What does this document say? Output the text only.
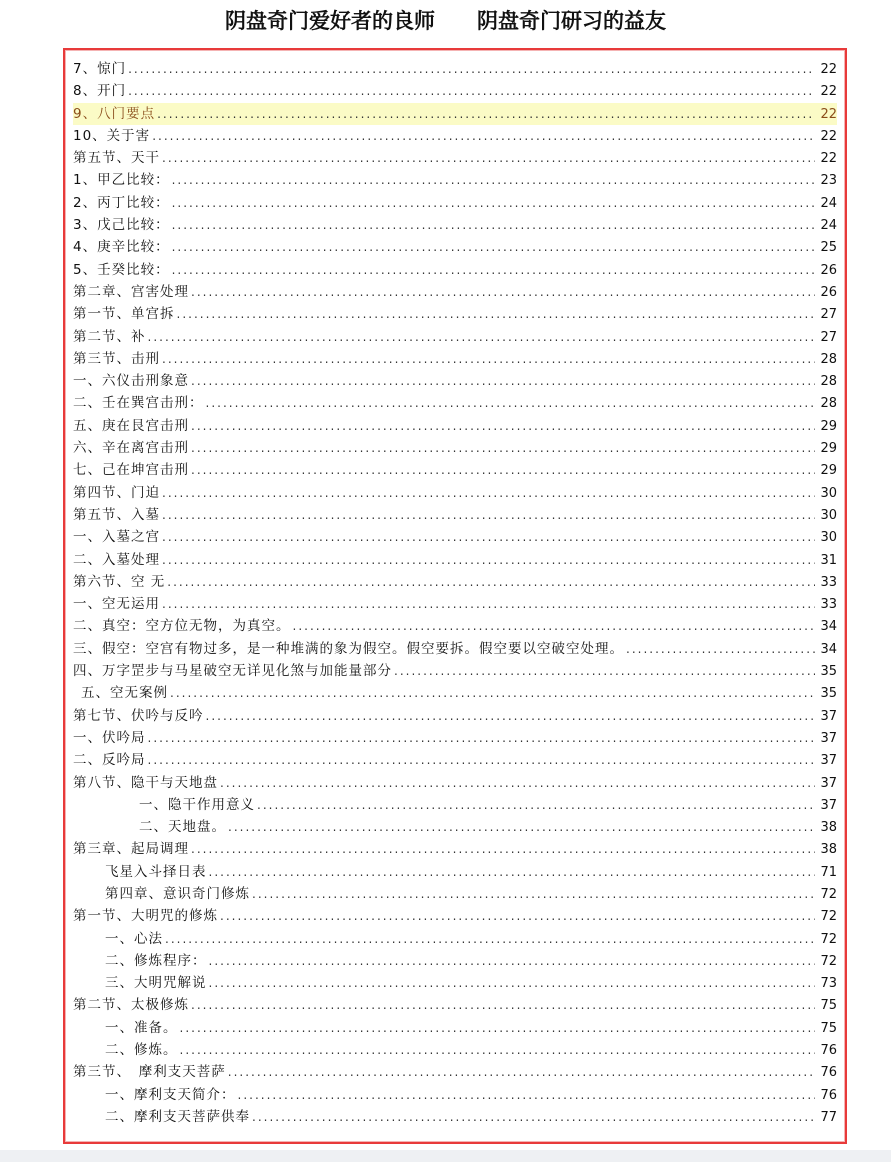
阴盘奇门爱好者的良师　　阴盘奇门研习的益友
7、惊门 .....	22
8、开门 .....	22
9、八门要点 .....	22
10、关于害 .....	22
第五节、天干 .....	22
1、甲乙比较： .....	23
2、丙丁比较： .....	24
3、戊己比较： .....	24
4、庚辛比较： .....	25
5、壬癸比较： .....	26
第二章、宫害处理 .....	26
第一节、单宫拆 .....	27
第二节、补 .....	27
第三节、击刑 .....	28
一、六仪击刑象意 .....	28
二、壬在巽宫击刑： .....	28
五、庚在艮宫击刑 .....	29
六、辛在离宫击刑 .....	29
七、己在坤宫击刑 .....	29
第四节、门迫 .....	30
第五节、入墓 .....	30
一、入墓之宫 .....	30
二、入墓处理 .....	31
第六节、空 无 .....	33
一、空无运用 .....	33
二、真空：空方位无物，为真空。 .....	34
三、假空：空宫有物过多，是一种堆满的象为假空。假空要拆。假空要以空破空处理。 .....	34
四、万字罡步与马星破空无详见化煞与加能量部分 .....	35
五、空无案例 .....	35
第七节、伏吟与反吟 .....	37
一、伏吟局 .....	37
二、反吟局 .....	37
第八节、隐干与天地盘 .....	37
一、隐干作用意义 .....	37
二、天地盘。 .....	38
第三章、起局调理 .....	38
飞星入斗择日表 .....	71
第四章、意识奇门修炼 .....	72
第一节、大明咒的修炼 .....	72
一、心法 .....	72
二、修炼程序： .....	72
三、大明咒解说 .....	73
第二节、太极修炼 .....	75
一、准备。 .....	75
二、修炼。 .....	76
第三节、　摩利支天菩萨 .....	76
一、摩利支天简介： .....	76
二、摩利支天菩萨供奉 .....	77
